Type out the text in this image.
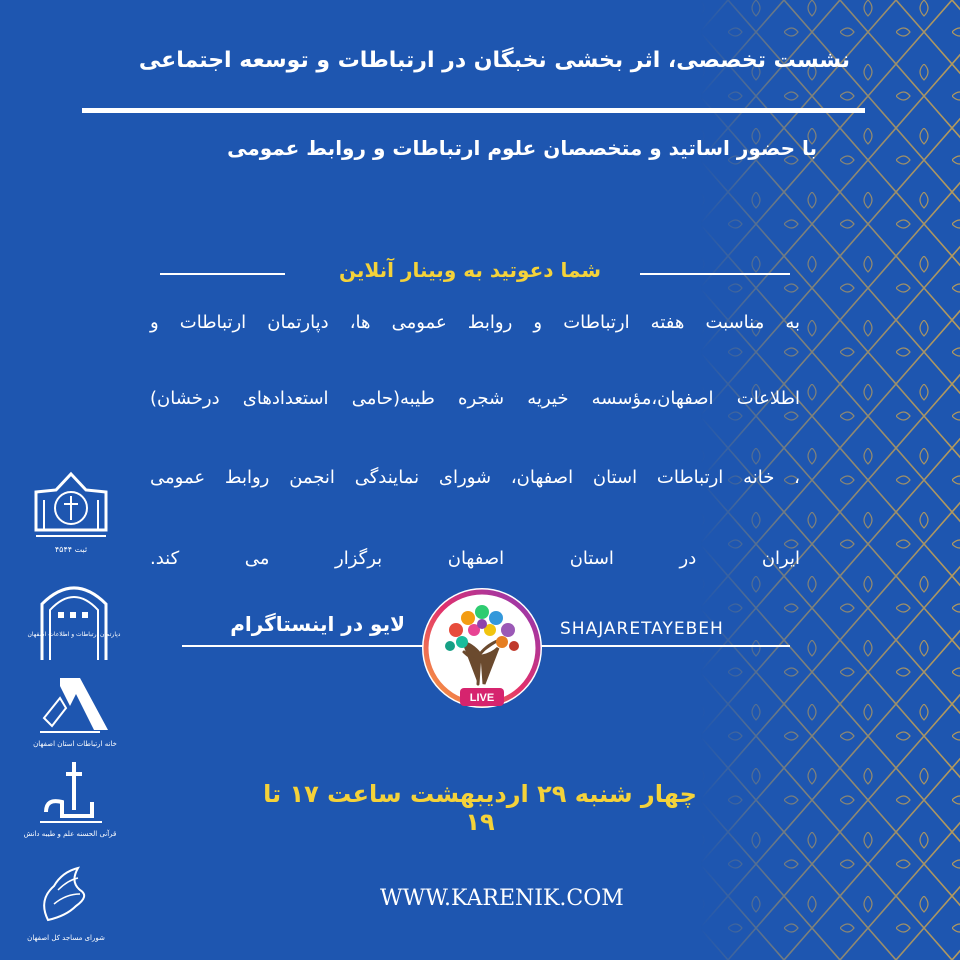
نشست تخصصی، اثر بخشی نخبگان در ارتباطات و توسعه اجتماعی
با حضور اساتید و متخصصان علوم ارتباطات و روابط عمومی
شما دعوتید به وبینار آنلاین
به مناسبت هفته ارتباطات و روابط عمومی ها، دپارتمان ارتباطات و
اطلاعات اصفهان،مؤسسه خیریه شجره طیبه(حامی استعدادهای درخشان)
، خانه ارتباطات استان اصفهان، شورای نمایندگی انجمن روابط عمومی
ایران در استان اصفهان برگزار می کند.
لایو در اینستاگرام	SHAJARETAYEBEH
LIVE
چهار شنبه ۲۹ اردیبهشت ساعت ۱۷ تا ۱۹
WWW.KARENIK.COM
ثبت ۴۵۴۴
دپارتمان ارتباطات و اطلاعات اصفهان
خانه ارتباطات استان اصفهان
قرآنی الحسنه علم و طیبه دانش
شورای مساجد کل اصفهان
